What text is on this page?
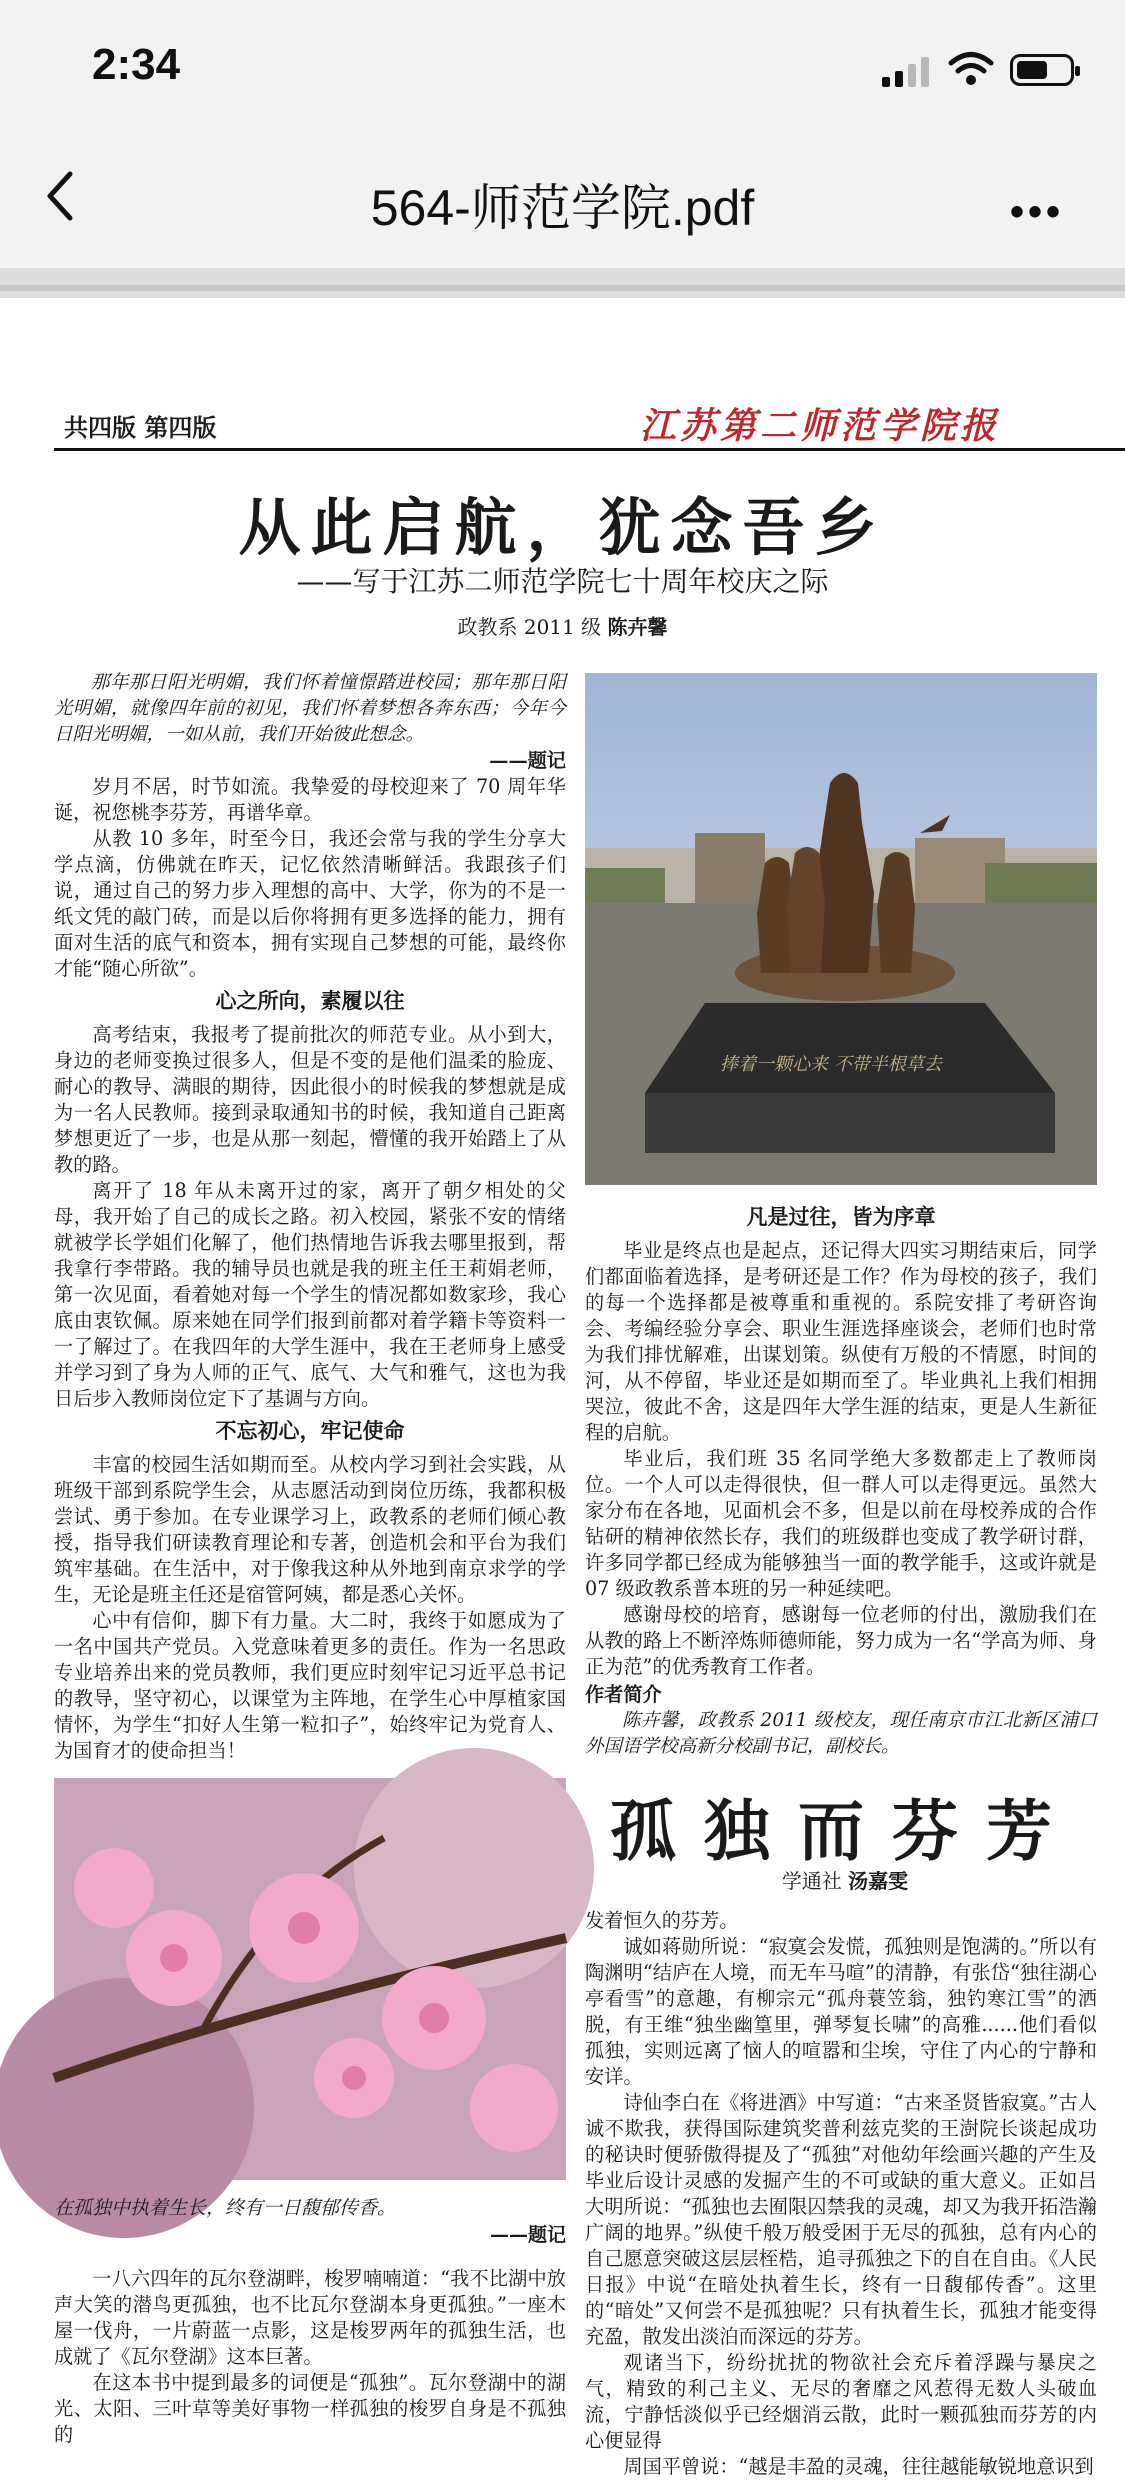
2:34
564-师范学院.pdf	•••
共四版 第四版	江苏第二师范学院报
从此启航，犹念吾乡
——写于江苏二师范学院七十周年校庆之际
政教系 2011 级 陈卉馨

那年那日阳光明媚，我们怀着憧憬踏进校园；那年那日阳光明媚，就像四年前的初见，我们怀着梦想各奔东西；今年今日阳光明媚，一如从前，我们开始彼此想念。

——题记

岁月不居，时节如流。我挚爱的母校迎来了 70 周年华诞，祝您桃李芬芳，再谱华章。

从教 10 多年，时至今日，我还会常与我的学生分享大学点滴，仿佛就在昨天，记忆依然清晰鲜活。我跟孩子们说，通过自己的努力步入理想的高中、大学，你为的不是一纸文凭的敲门砖，而是以后你将拥有更多选择的能力，拥有面对生活的底气和资本，拥有实现自己梦想的可能，最终你才能“随心所欲”。

心之所向，素履以往

高考结束，我报考了提前批次的师范专业。从小到大，身边的老师变换过很多人，但是不变的是他们温柔的脸庞、耐心的教导、满眼的期待，因此很小的时候我的梦想就是成为一名人民教师。接到录取通知书的时候，我知道自己距离梦想更近了一步，也是从那一刻起，懵懂的我开始踏上了从教的路。

离开了 18 年从未离开过的家，离开了朝夕相处的父母，我开始了自己的成长之路。初入校园，紧张不安的情绪就被学长学姐们化解了，他们热情地告诉我去哪里报到，帮我拿行李带路。我的辅导员也就是我的班主任王莉娟老师，第一次见面，看着她对每一个学生的情况都如数家珍，我心底由衷钦佩。原来她在同学们报到前都对着学籍卡等资料一一了解过了。在我四年的大学生涯中，我在王老师身上感受并学习到了身为人师的正气、底气、大气和雅气，这也为我日后步入教师岗位定下了基调与方向。

不忘初心，牢记使命

丰富的校园生活如期而至。从校内学习到社会实践，从班级干部到系院学生会，从志愿活动到岗位历练，我都积极尝试、勇于参加。在专业课学习上，政教系的老师们倾心教授，指导我们研读教育理论和专著，创造机会和平台为我们筑牢基础。在生活中，对于像我这种从外地到南京求学的学生，无论是班主任还是宿管阿姨，都是悉心关怀。

心中有信仰，脚下有力量。大二时，我终于如愿成为了一名中国共产党员。入党意味着更多的责任。作为一名思政专业培养出来的党员教师，我们更应时刻牢记习近平总书记的教导，坚守初心，以课堂为主阵地，在学生心中厚植家国情怀，为学生“扣好人生第一粒扣子”，始终牢记为党育人、为国育才的使命担当！

捧着一颗心来 不带半根草去
凡是过往，皆为序章

毕业是终点也是起点，还记得大四实习期结束后，同学们都面临着选择，是考研还是工作？作为母校的孩子，我们的每一个选择都是被尊重和重视的。系院安排了考研咨询会、考编经验分享会、职业生涯选择座谈会，老师们也时常为我们排忧解难，出谋划策。纵使有万般的不情愿，时间的河，从不停留，毕业还是如期而至了。毕业典礼上我们相拥哭泣，彼此不舍，这是四年大学生涯的结束，更是人生新征程的启航。

毕业后，我们班 35 名同学绝大多数都走上了教师岗位。一个人可以走得很快，但一群人可以走得更远。虽然大家分布在各地，见面机会不多，但是以前在母校养成的合作钻研的精神依然长存，我们的班级群也变成了教学研讨群，许多同学都已经成为能够独当一面的教学能手，这或许就是 07 级政教系普本班的另一种延续吧。

感谢母校的培育，感谢每一位老师的付出，激励我们在从教的路上不断淬炼师德师能，努力成为一名“学高为师、身正为范”的优秀教育工作者。

作者简介

陈卉馨，政教系 2011 级校友，现任南京市江北新区浦口外国语学校高新分校副书记，副校长。

在孤独中执着生长，终有一日馥郁传香。
——题记

一八六四年的瓦尔登湖畔，梭罗喃喃道：“我不比湖中放声大笑的潜鸟更孤独，也不比瓦尔登湖本身更孤独。”一座木屋一伐舟，一片蔚蓝一点影，这是梭罗两年的孤独生活，也成就了《瓦尔登湖》这本巨著。

在这本书中提到最多的词便是“孤独”。瓦尔登湖中的湖光、太阳、三叶草等美好事物一样孤独的梭罗自身是不孤独的

孤独而芬芳
学通社 汤嘉雯

发着恒久的芬芳。

诚如蒋勋所说：“寂寞会发慌，孤独则是饱满的。”所以有陶渊明“结庐在人境，而无车马喧”的清静，有张岱“独往湖心亭看雪”的意趣，有柳宗元“孤舟蓑笠翁，独钓寒江雪”的洒脱，有王维“独坐幽篁里，弹琴复长啸”的高雅......他们看似孤独，实则远离了恼人的喧嚣和尘埃，守住了内心的宁静和安详。

诗仙李白在《将进酒》中写道：“古来圣贤皆寂寞。”古人诚不欺我，获得国际建筑奖普利兹克奖的王澍院长谈起成功的秘诀时便骄傲得提及了“孤独”对他幼年绘画兴趣的产生及毕业后设计灵感的发掘产生的不可或缺的重大意义。正如吕大明所说：“孤独也去囿限囚禁我的灵魂，却又为我开拓浩瀚广阔的地界。”纵使千般万般受困于无尽的孤独，总有内心的自己愿意突破这层层桎梏，追寻孤独之下的自在自由。《人民日报》中说“在暗处执着生长，终有一日馥郁传香”。这里的“暗处”又何尝不是孤独呢？只有执着生长，孤独才能变得充盈，散发出淡泊而深远的芬芳。

观诸当下，纷纷扰扰的物欲社会充斥着浮躁与暴戾之气，精致的利己主义、无尽的奢靡之风惹得无数人头破血流，宁静恬淡似乎已经烟消云散，此时一颗孤独而芬芳的内心便显得

周国平曾说：“越是丰盈的灵魂，往往越能敏锐地意识到
